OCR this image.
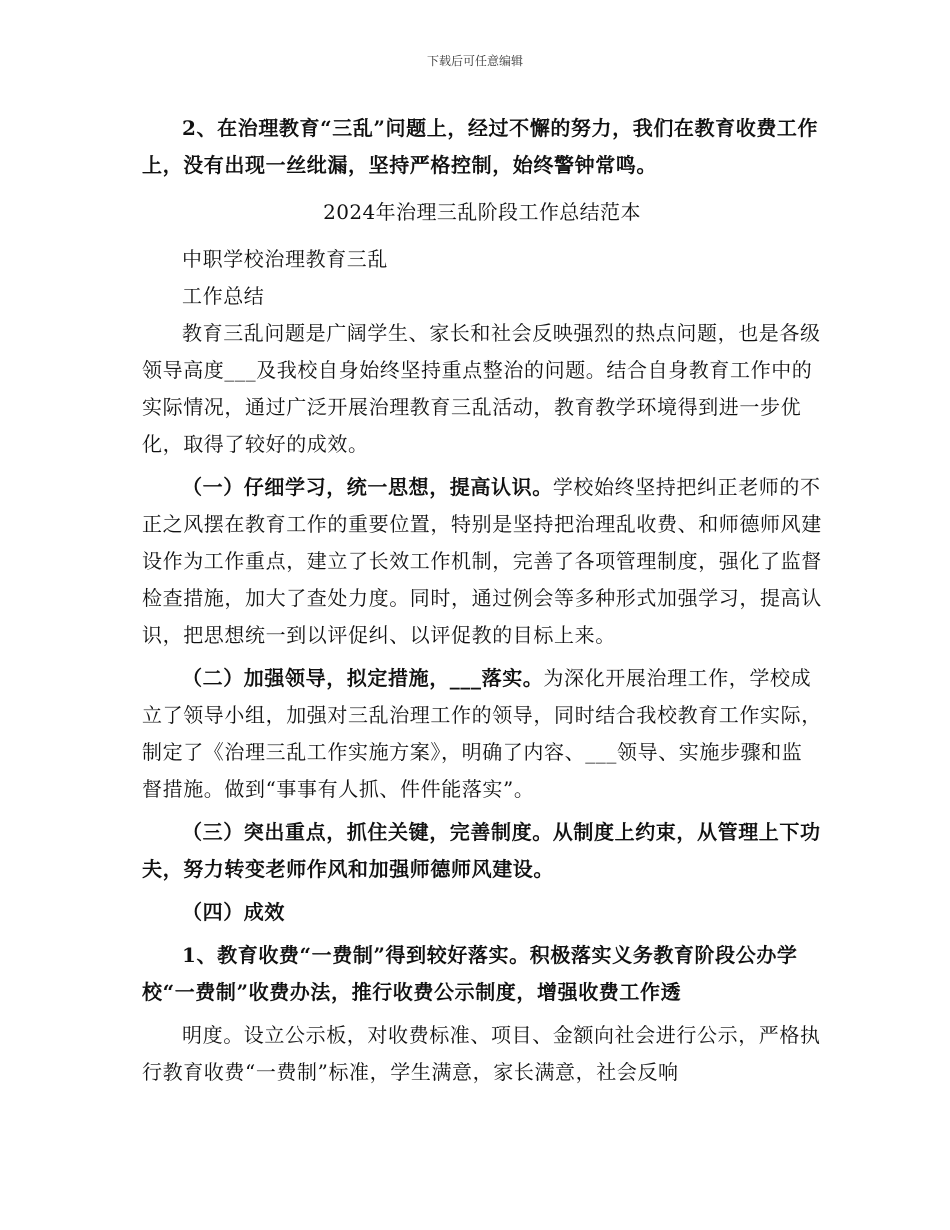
下载后可任意编辑

2、在治理教育“三乱”问题上，经过不懈的努力，我们在教育收费工作上，没有出现一丝纰漏，坚持严格控制，始终警钟常鸣。

2024年治理三乱阶段工作总结范本

中职学校治理教育三乱

工作总结

教育三乱问题是广阔学生、家长和社会反映强烈的热点问题，也是各级领导高度___及我校自身始终坚持重点整治的问题。结合自身教育工作中的实际情况，通过广泛开展治理教育三乱活动，教育教学环境得到进一步优化，取得了较好的成效。

（一）仔细学习，统一思想，提高认识。学校始终坚持把纠正老师的不正之风摆在教育工作的重要位置，特别是坚持把治理乱收费、和师德师风建设作为工作重点，建立了长效工作机制，完善了各项管理制度，强化了监督检查措施，加大了查处力度。同时，通过例会等多种形式加强学习，提高认识，把思想统一到以评促纠、以评促教的目标上来。

（二）加强领导，拟定措施，___落实。为深化开展治理工作，学校成立了领导小组，加强对三乱治理工作的领导，同时结合我校教育工作实际，制定了《治理三乱工作实施方案》，明确了内容、___领导、实施步骤和监督措施。做到“事事有人抓、件件能落实”。

（三）突出重点，抓住关键，完善制度。从制度上约束，从管理上下功夫，努力转变老师作风和加强师德师风建设。

（四）成效

1、教育收费“一费制”得到较好落实。积极落实义务教育阶段公办学校“一费制”收费办法，推行收费公示制度，增强收费工作透

明度。设立公示板，对收费标准、项目、金额向社会进行公示，严格执行教育收费“一费制”标准，学生满意，家长满意，社会反响
